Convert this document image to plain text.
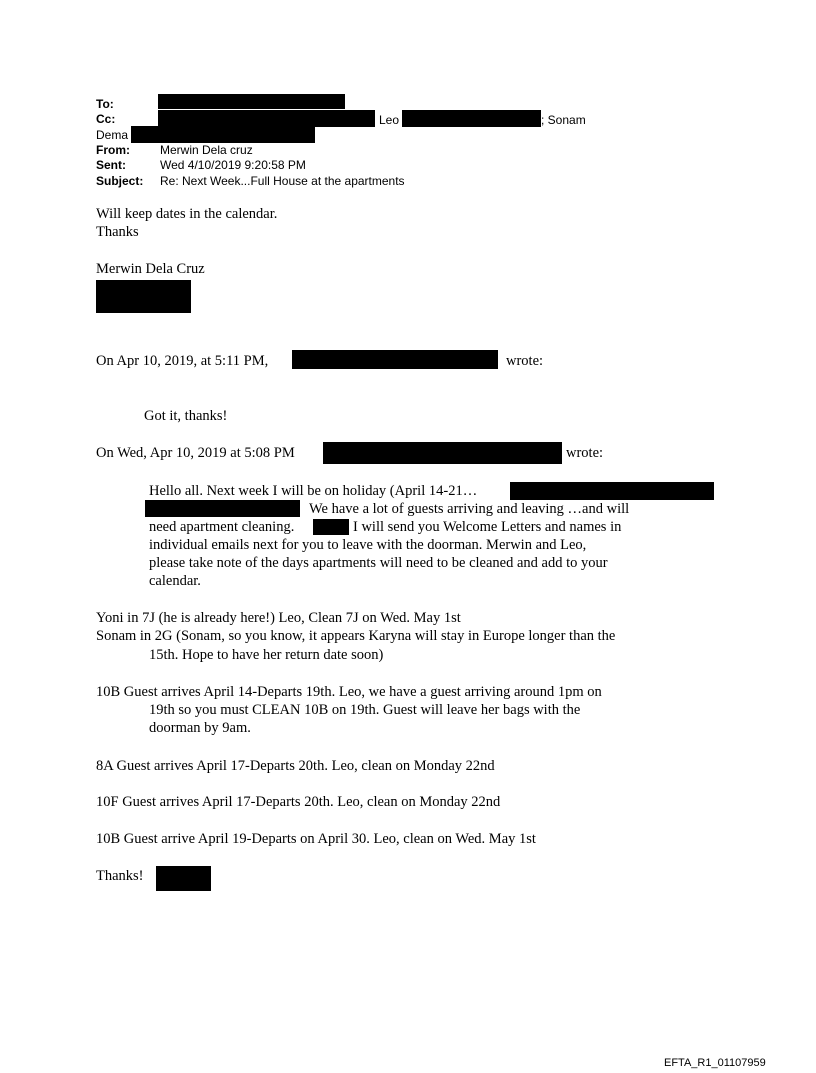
To:
Cc:	Leo	; Sonam
Dema
From:	Merwin Dela cruz
Sent:	Wed 4/10/2019 9:20:58 PM
Subject: Re: Next Week...Full House at the apartments
Will keep dates in the calendar.
Thanks
Merwin Dela Cruz
On Apr 10, 2019, at 5:11 PM,	wrote:
Got it, thanks!
On Wed, Apr 10, 2019 at 5:08 PM	wrote:
Hello all. Next week I will be on holiday (April 14-21…
We have a lot of guests arriving and leaving …and will
need apartment cleaning.	I will send you Welcome Letters and names in
individual emails next for you to leave with the doorman. Merwin and Leo,
please take note of the days apartments will need to be cleaned and add to your
calendar.
Yoni in 7J (he is already here!) Leo, Clean 7J on Wed. May 1st
Sonam in 2G (Sonam, so you know, it appears Karyna will stay in Europe longer than the
15th. Hope to have her return date soon)
10B Guest arrives April 14-Departs 19th. Leo, we have a guest arriving around 1pm on
19th so you must CLEAN 10B on 19th. Guest will leave her bags with the
doorman by 9am.
8A Guest arrives April 17-Departs 20th. Leo, clean on Monday 22nd
10F Guest arrives April 17-Departs 20th. Leo, clean on Monday 22nd
10B Guest arrive April 19-Departs on April 30. Leo, clean on Wed. May 1st
Thanks!
EFTA_R1_01107959
